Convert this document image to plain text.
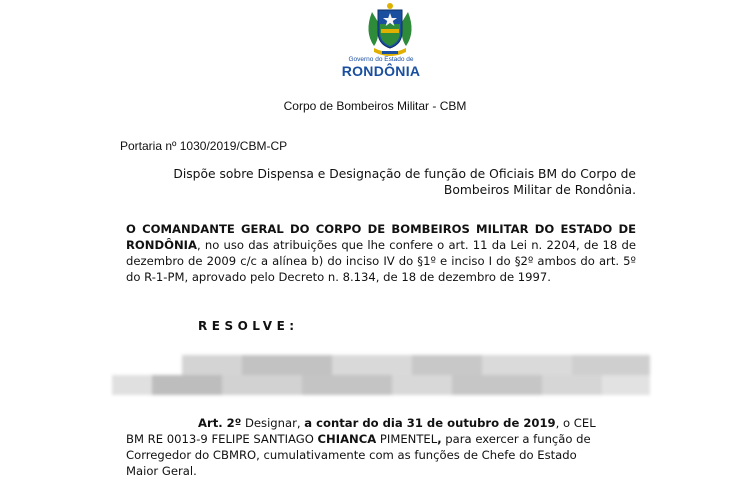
Governo do Estado de
RONDÔNIA
Corpo de Bombeiros Militar - CBM
Portaria nº 1030/2019/CBM-CP
Dispõe sobre Dispensa e Designação de função de Oficiais BM do Corpo de
Bombeiros Militar de Rondônia.
O COMANDANTE GERAL DO CORPO DE BOMBEIROS MILITAR DO ESTADO DE RONDÔNIA, no uso das atribuições que lhe confere o art. 11 da Lei n. 2204, de 18 de dezembro de 2009 c/c a alínea b) do inciso IV do §1º e inciso I do §2º ambos do art. 5º do R-1-PM, aprovado pelo Decreto n. 8.134, de 18 de dezembro de 1997.
RESOLVE:
Art. 2º Designar, a contar do dia 31 de outubro de 2019, o CEL
BM RE 0013-9 FELIPE SANTIAGO CHIANCA PIMENTEL, para exercer a função de
Corregedor do CBMRO, cumulativamente com as funções de Chefe do Estado
Maior Geral.
